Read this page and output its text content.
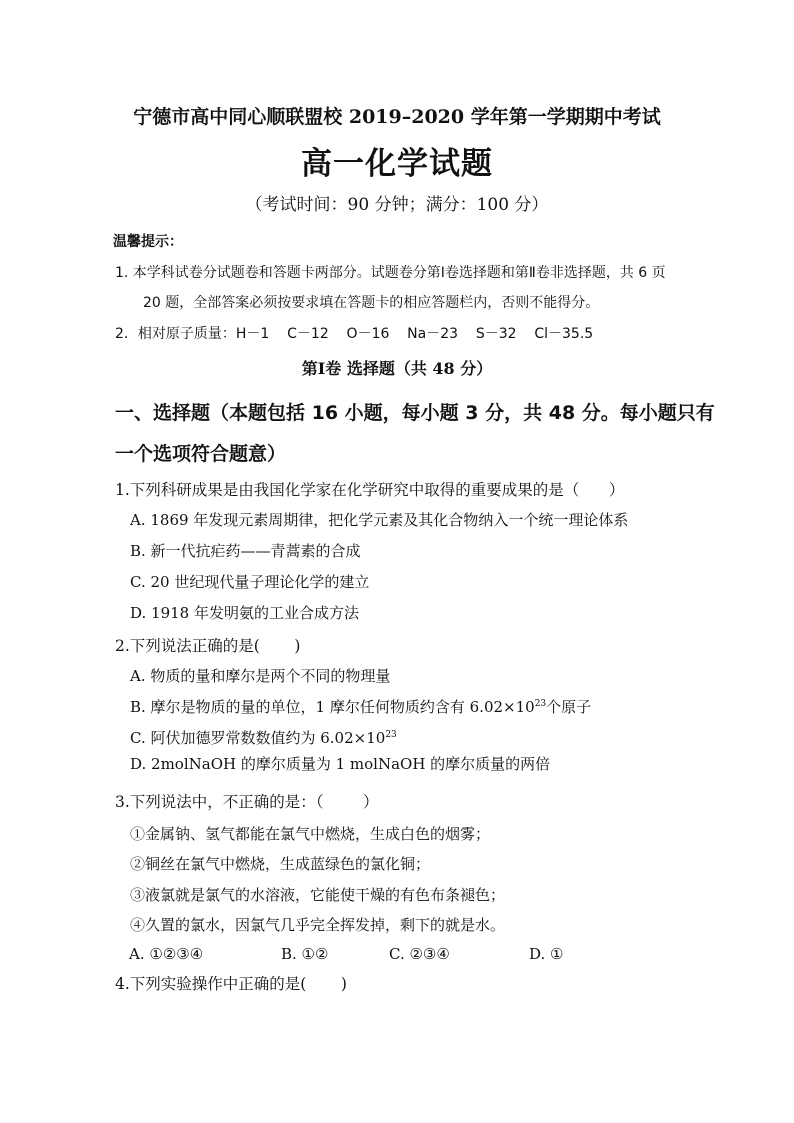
宁德市高中同心顺联盟校 2019–2020 学年第一学期期中考试
高一化学试题
（考试时间：90 分钟；满分：100 分）
温馨提示：
1. 本学科试卷分试题卷和答题卡两部分。试题卷分第Ⅰ卷选择题和第Ⅱ卷非选择题，共 6 页
20 题，全部答案必须按要求填在答题卡的相应答题栏内，否则不能得分。
2．相对原子质量：H－1    C－12    O－16    Na－23    S－32    Cl－35.5
第Ⅰ卷 选择题（共 48 分）
一、选择题（本题包括 16 小题，每小题 3 分，共 48 分。每小题只有
一个选项符合题意）
1.下列科研成果是由我国化学家在化学研究中取得的重要成果的是（      ）
A. 1869 年发现元素周期律，把化学元素及其化合物纳入一个统一理论体系
B. 新一代抗疟药——青蒿素的合成
C. 20 世纪现代量子理论化学的建立
D. 1918 年发明氨的工业合成方法
2.下列说法正确的是(       )
A. 物质的量和摩尔是两个不同的物理量
B. 摩尔是物质的量的单位，1 摩尔任何物质约含有 $6.02\times 10^{23}$个原子
C. 阿伏加德罗常数数值约为 $6.02\times 10^{23}$
D. 2molNaOH 的摩尔质量为 1 molNaOH 的摩尔质量的两倍
3.下列说法中，不正确的是：（        ）
①金属钠、氢气都能在氯气中燃烧，生成白色的烟雾；
②铜丝在氯气中燃烧，生成蓝绿色的氯化铜；
③液氯就是氯气的水溶液，它能使干燥的有色布条褪色；
④久置的氯水，因氯气几乎完全挥发掉，剩下的就是水。
A. ①②③④	B. ①②	C. ②③④	D. ①
4.下列实验操作中正确的是(       )
